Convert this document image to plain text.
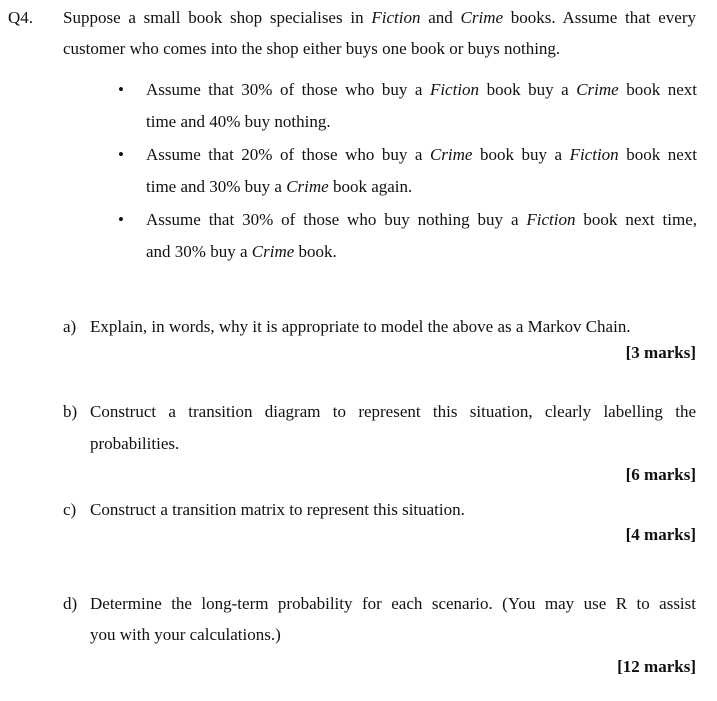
Q4. Suppose a small book shop specialises in Fiction and Crime books. Assume that every
customer who comes into the shop either buys one book or buys nothing.
• Assume that 30% of those who buy a Fiction book buy a Crime book next
time and 40% buy nothing.
• Assume that 20% of those who buy a Crime book buy a Fiction book next
time and 30% buy a Crime book again.
• Assume that 30% of those who buy nothing buy a Fiction book next time,
and 30% buy a Crime book.
a) Explain, in words, why it is appropriate to model the above as a Markov Chain.
[3 marks]
b) Construct a transition diagram to represent this situation, clearly labelling the
probabilities.
[6 marks]
c) Construct a transition matrix to represent this situation.
[4 marks]
d) Determine the long-term probability for each scenario. (You may use R to assist
you with your calculations.)
[12 marks]
